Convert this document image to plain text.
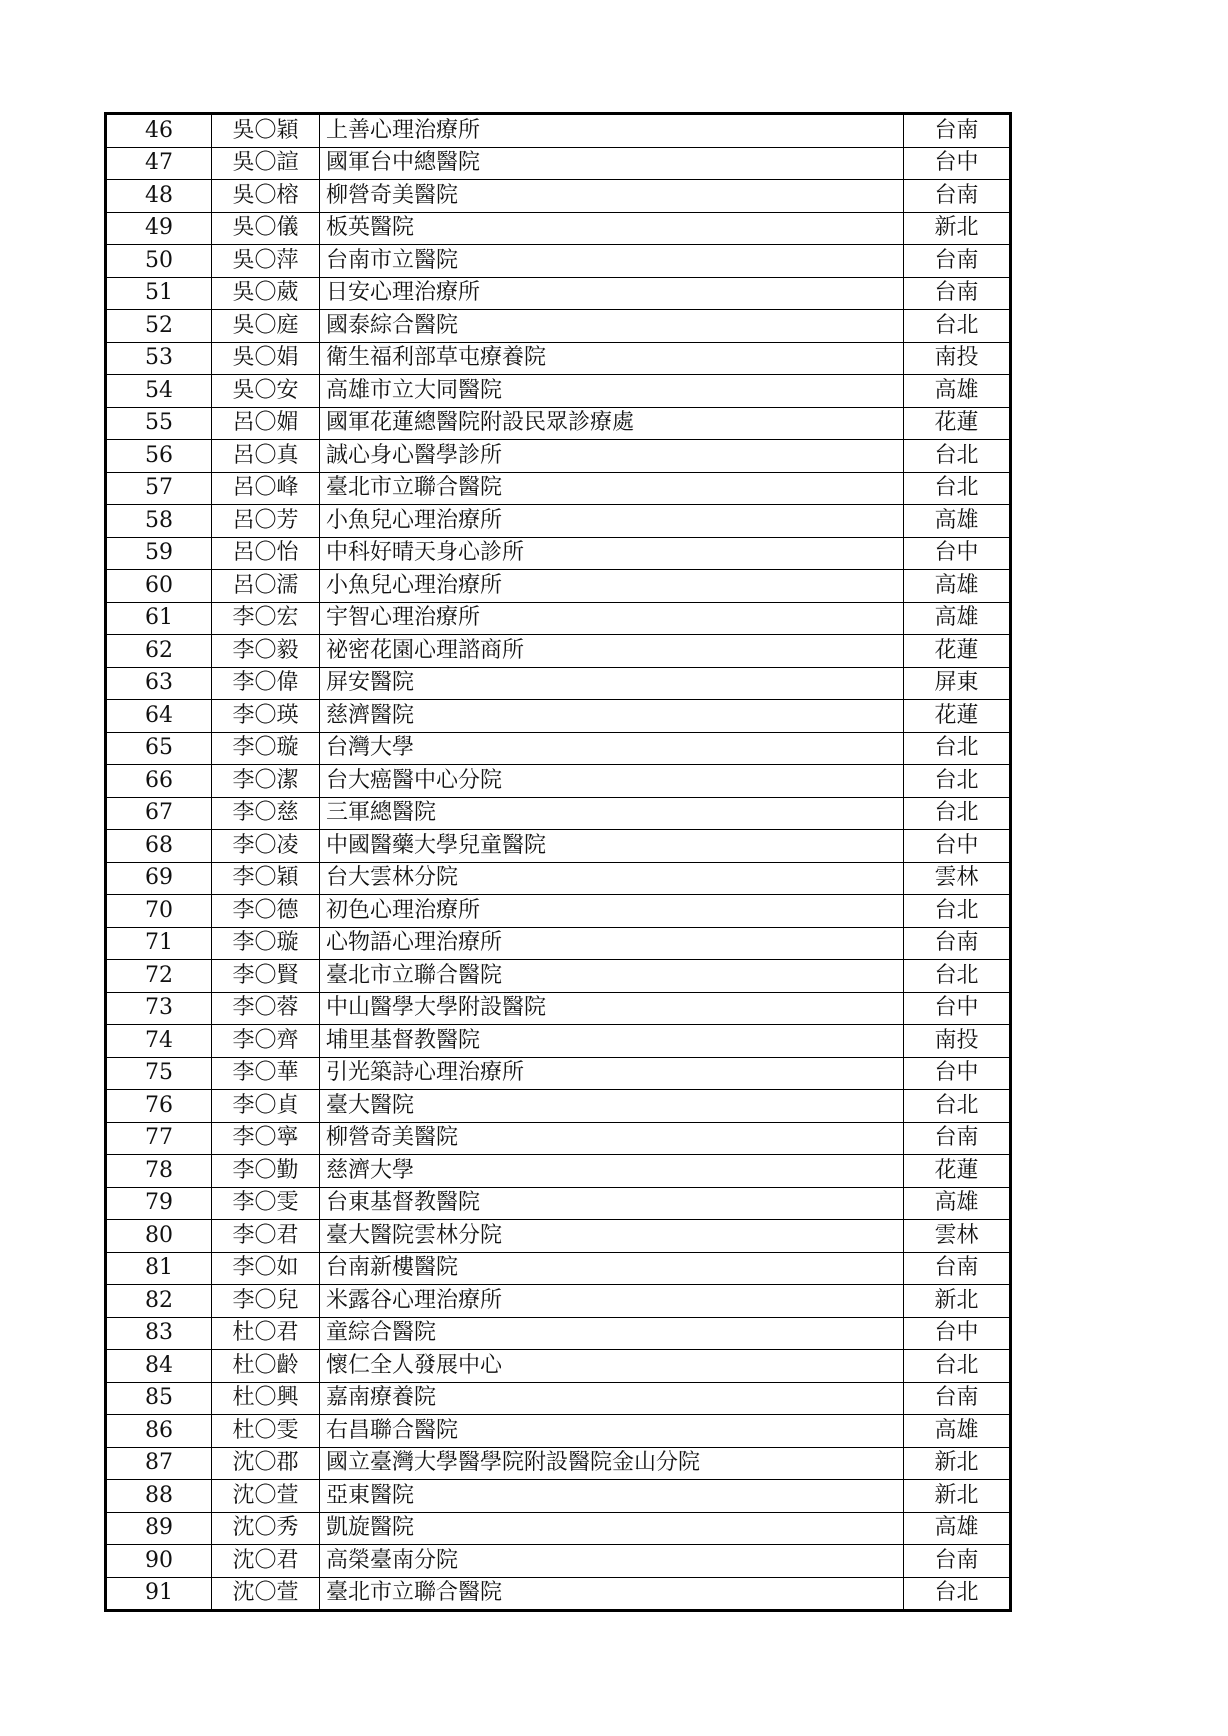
46	吳〇穎	上善心理治療所	台南
47	吳〇諠	國軍台中總醫院	台中
48	吳〇榕	柳營奇美醫院	台南
49	吳〇儀	板英醫院	新北
50	吳〇萍	台南市立醫院	台南
51	吳〇葳	日安心理治療所	台南
52	吳〇庭	國泰綜合醫院	台北
53	吳〇娟	衛生福利部草屯療養院	南投
54	吳〇安	高雄市立大同醫院	高雄
55	呂〇媚	國軍花蓮總醫院附設民眾診療處	花蓮
56	呂〇真	誠心身心醫學診所	台北
57	呂〇峰	臺北市立聯合醫院	台北
58	呂〇芳	小魚兒心理治療所	高雄
59	呂〇怡	中科好晴天身心診所	台中
60	呂〇濡	小魚兒心理治療所	高雄
61	李〇宏	宇智心理治療所	高雄
62	李〇毅	祕密花園心理諮商所	花蓮
63	李〇偉	屏安醫院	屏東
64	李〇瑛	慈濟醫院	花蓮
65	李〇璇	台灣大學	台北
66	李〇潔	台大癌醫中心分院	台北
67	李〇慈	三軍總醫院	台北
68	李〇凌	中國醫藥大學兒童醫院	台中
69	李〇穎	台大雲林分院	雲林
70	李〇德	初色心理治療所	台北
71	李〇璇	心物語心理治療所	台南
72	李〇賢	臺北市立聯合醫院	台北
73	李〇蓉	中山醫學大學附設醫院	台中
74	李〇齊	埔里基督教醫院	南投
75	李〇華	引光築詩心理治療所	台中
76	李〇貞	臺大醫院	台北
77	李〇寧	柳營奇美醫院	台南
78	李〇勤	慈濟大學	花蓮
79	李〇雯	台東基督教醫院	高雄
80	李〇君	臺大醫院雲林分院	雲林
81	李〇如	台南新樓醫院	台南
82	李〇兒	米露谷心理治療所	新北
83	杜〇君	童綜合醫院	台中
84	杜〇齡	懷仁全人發展中心	台北
85	杜〇興	嘉南療養院	台南
86	杜〇雯	右昌聯合醫院	高雄
87	沈〇郡	國立臺灣大學醫學院附設醫院金山分院	新北
88	沈〇萱	亞東醫院	新北
89	沈〇秀	凱旋醫院	高雄
90	沈〇君	高榮臺南分院	台南
91	沈〇萱	臺北市立聯合醫院	台北
